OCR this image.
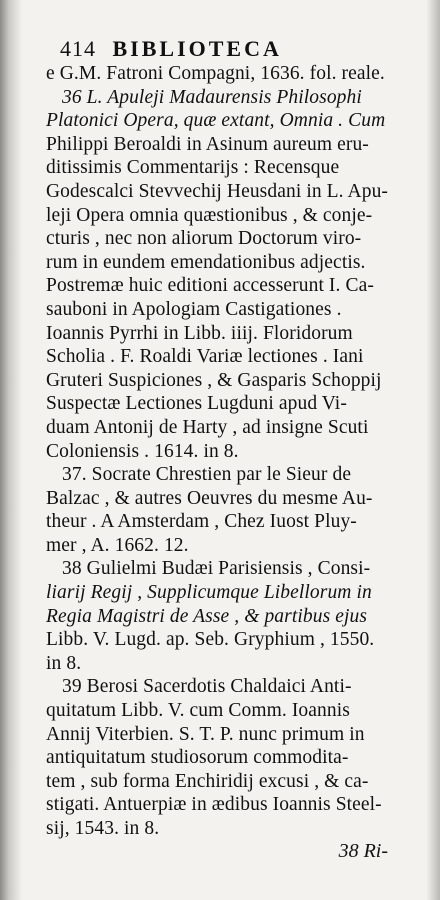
414 BIBLIOTECA
e G.M. Fatroni Compagni, 1636. fol. reale.
36 L. Apuleji Madaurensis Philosophi
Platonici Opera, quæ extant, Omnia . Cum
Philippi Beroaldi in Asinum aureum eru-
ditissimis Commentarijs : Recensque
Godescalci Stevvechij Heusdani in L. Apu-
leji Opera omnia quæstionibus , & conje-
cturis , nec non aliorum Doctorum viro-
rum in eundem emendationibus adjectis.
Postremæ huic editioni accesserunt I. Ca-
sauboni in Apologiam Castigationes .
Ioannis Pyrrhi in Libb. iiij. Floridorum
Scholia . F. Roaldi Variæ lectiones . Iani
Gruteri Suspiciones , & Gasparis Schoppij
Suspectæ Lectiones Lugduni apud Vi-
duam Antonij de Harty , ad insigne Scuti
Coloniensis . 1614. in 8.
37. Socrate Chrestien par le Sieur de
Balzac , & autres Oeuvres du mesme Au-
theur . A Amsterdam , Chez Iuost Pluy-
mer , A. 1662. 12.
38 Gulielmi Budæi Parisiensis , Consi-
liarij Regij , Supplicumque Libellorum in
Regia Magistri de Asse , & partibus ejus
Libb. V. Lugd. ap. Seb. Gryphium , 1550.
in 8.
39 Berosi Sacerdotis Chaldaici Anti-
quitatum Libb. V. cum Comm. Ioannis
Annij Viterbien. S. T. P. nunc primum in
antiquitatum studiosorum commodita-
tem , sub forma Enchiridij excusi , & ca-
stigati. Antuerpiæ in ædibus Ioannis Steel-
sij, 1543. in 8.
38 Ri-
